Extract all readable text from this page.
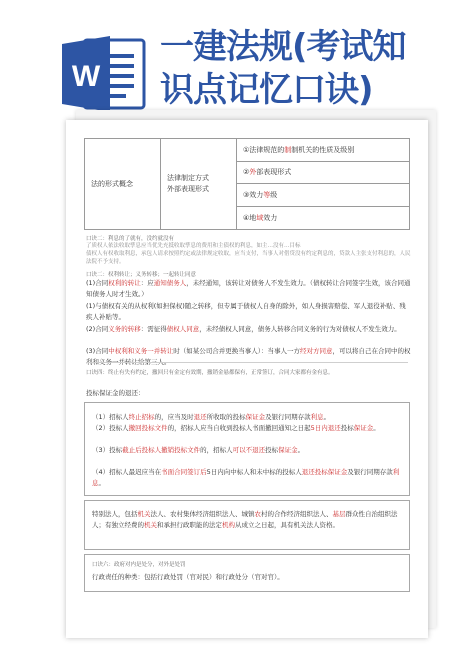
W
一建法规(考试知
识点记忆口诀)
法的形式概念
法律制定方式
外部表现形式
① 法律规范的 制 制机关的性质及级别
② 外 部表现形式
③ 效力 等 级
④ 地 域 效力
口诀二：利息的了就有，没约就没有
了质权人依法收取孳息应当优先充抵收取孳息的费用和主债权的利息，如主…没有…目标
债权人有权收取利息，承包人请求按照约定或法律规定收取，应当支付，当事人对借贷没有约定利息的，贷款人主张支付利息的，人民法院不予支持。
口诀二：权利转让；义务转移；一起转让同意
(1)合同权利的转让：应通知债务人，未经通知，该转让对债务人不发生效力。（债权转让合同签字生效，该合同通知债务人时才生效。）
(1)与债权有关的从权利(如担保权)随之转移，但专属于债权人自身的除外，如人身损害赔偿、军人退役补贴、残疾人补贴等。
(2)合同义务的转移：需征得债权人同意，未经债权人同意，债务人转移合同义务的行为对债权人不发生效力。
(3)合同中权利和义务一并转让时（如某公司合并更换当事人）：当事人一方经对方同意，可以将自己在合同中的权利和义务一并转让给第三人。
口诀四：终止有失有约定，撤回只有金定有效期，撤销金悬都保有，正常签订，合同大家都有金有息。
投标保证金的退还：
（1）招标人终止招标的，应当及时退还所收取的投标保证金及银行同期存款利息。
（2）投标人撤回投标文件的，招标人应当自收到投标人书面撤回通知之日起5日内退还投标保证金。
（3）投标截止后投标人撤销投标文件的，招标人可以不退还投标保证金。
（4）招标人最迟应当在书面合同签订后5日内向中标人和未中标的投标人退还投标保证金及银行同期存款利息。
特别法人，包括机关法人、农村集体经济组织法人、城镇农村的合作经济组织法人、基层群众性自治组织法人；有独立经费的机关和承担行政职能的法定机构从成立之日起，具有机关法人资格。
口诀六：政府对内是处分，对外是处罚
行政责任的种类：包括行政处罚（官对民）和行政处分（官对官）。
